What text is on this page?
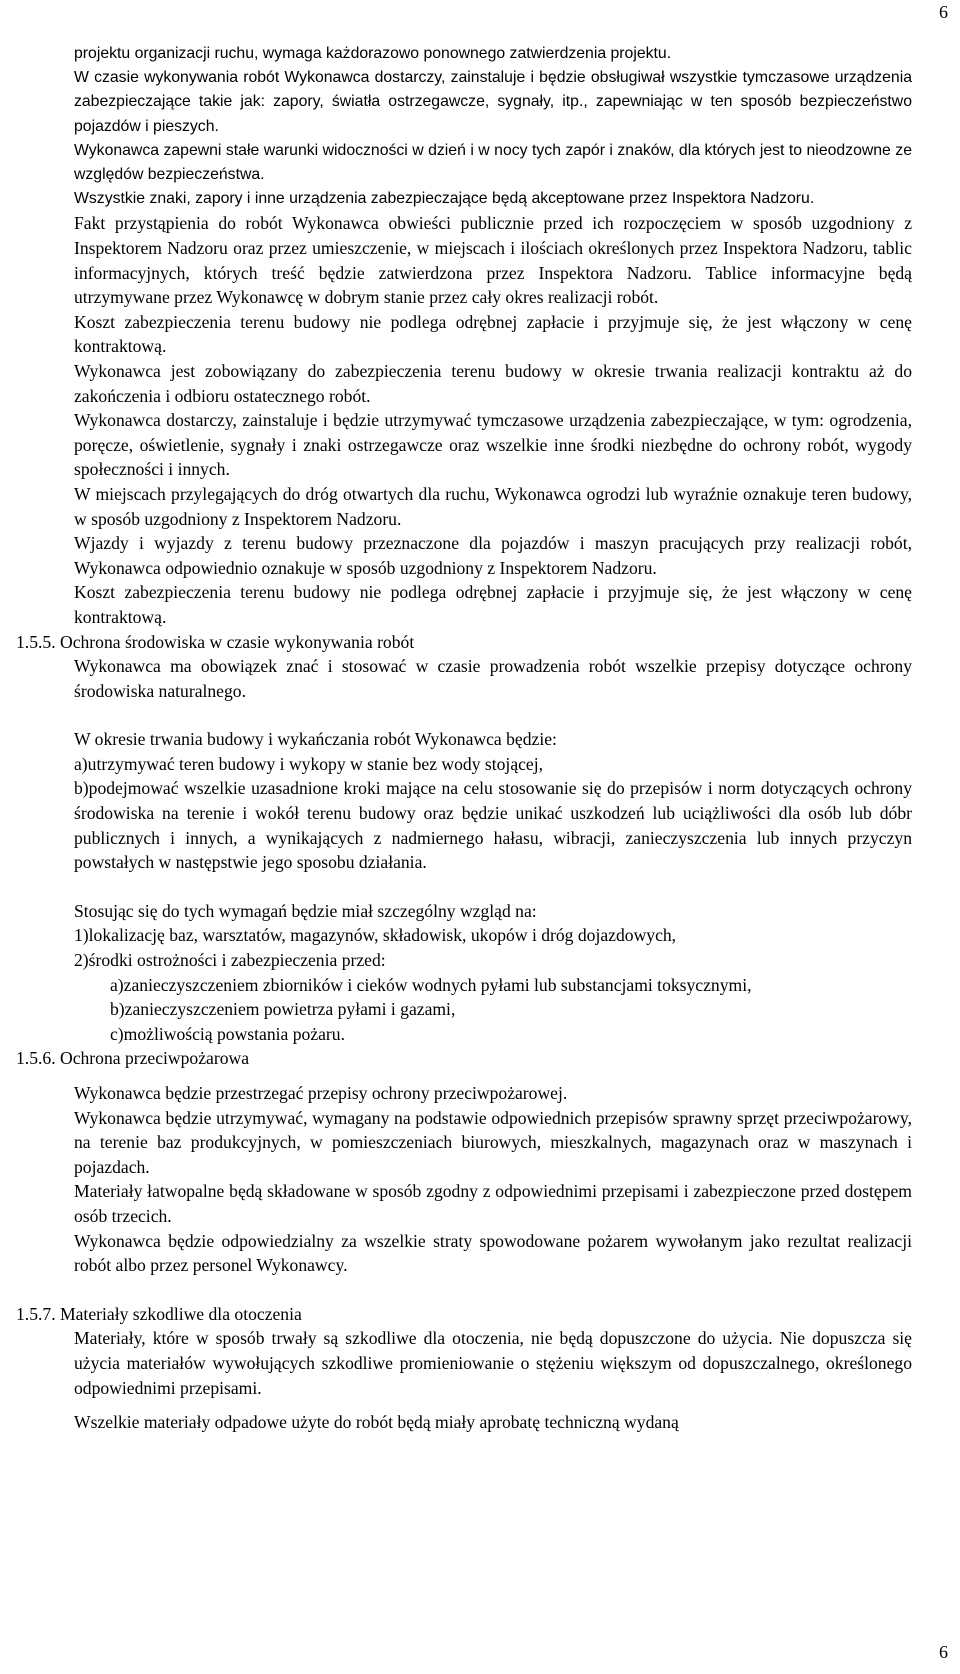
6

projektu organizacji ruchu, wymaga każdorazowo ponownego zatwierdzenia projektu.

W czasie wykonywania robót Wykonawca dostarczy, zainstaluje i będzie obsługiwał wszystkie tymczasowe urządzenia zabezpieczające takie jak: zapory, światła ostrzegawcze, sygnały, itp., zapewniając w ten sposób bezpieczeństwo pojazdów i pieszych.

Wykonawca zapewni stałe warunki widoczności w dzień i w nocy tych zapór i znaków, dla których jest to nieodzowne ze względów bezpieczeństwa.

Wszystkie znaki, zapory i inne urządzenia zabezpieczające będą akceptowane przez Inspektora Nadzoru.

Fakt przystąpienia do robót Wykonawca obwieści publicznie przed ich rozpoczęciem w sposób uzgodniony z Inspektorem Nadzoru oraz przez umieszczenie, w miejscach i ilościach określonych przez Inspektora Nadzoru, tablic informacyjnych, których treść będzie zatwierdzona przez Inspektora Nadzoru. Tablice informacyjne będą utrzymywane przez Wykonawcę w dobrym stanie przez cały okres realizacji robót.

Koszt zabezpieczenia terenu budowy nie podlega odrębnej zapłacie i przyjmuje się, że jest włączony w cenę kontraktową.

Wykonawca jest zobowiązany do zabezpieczenia terenu budowy w okresie trwania realizacji kontraktu aż do zakończenia i odbioru ostatecznego robót.

Wykonawca dostarczy, zainstaluje i będzie utrzymywać tymczasowe urządzenia zabezpieczające, w tym: ogrodzenia, poręcze, oświetlenie, sygnały i znaki ostrzegawcze oraz wszelkie inne środki niezbędne do ochrony robót, wygody społeczności i innych.

W miejscach przylegających do dróg otwartych dla ruchu, Wykonawca ogrodzi lub wyraźnie oznakuje teren budowy, w sposób uzgodniony z Inspektorem Nadzoru.

Wjazdy i wyjazdy z terenu budowy przeznaczone dla pojazdów i maszyn pracujących przy realizacji robót, Wykonawca odpowiednio oznakuje w sposób uzgodniony z Inspektorem Nadzoru.

Koszt zabezpieczenia terenu budowy nie podlega odrębnej zapłacie i przyjmuje się, że jest włączony w cenę kontraktową.

1.5.5. Ochrona środowiska w czasie wykonywania robót

Wykonawca ma obowiązek znać i stosować w czasie prowadzenia robót wszelkie przepisy dotyczące ochrony środowiska naturalnego.

W okresie trwania budowy i wykańczania robót Wykonawca będzie:

a)utrzymywać teren budowy i wykopy w stanie bez wody stojącej,

b)podejmować wszelkie uzasadnione kroki mające na celu stosowanie się do przepisów i norm dotyczących ochrony środowiska na terenie i wokół terenu budowy oraz będzie unikać uszkodzeń lub uciążliwości dla osób lub dóbr publicznych i innych, a wynikających z nadmiernego hałasu, wibracji, zanieczyszczenia lub innych przyczyn powstałych w następstwie jego sposobu działania.

Stosując się do tych wymagań będzie miał szczególny wzgląd na:

1)lokalizację baz, warsztatów, magazynów, składowisk, ukopów i dróg dojazdowych,

2)środki ostrożności i zabezpieczenia przed:

a)zanieczyszczeniem zbiorników i cieków wodnych pyłami lub substancjami toksycznymi,

b)zanieczyszczeniem powietrza pyłami i gazami,

c)możliwością powstania pożaru.

1.5.6. Ochrona przeciwpożarowa

Wykonawca będzie przestrzegać przepisy ochrony przeciwpożarowej.

Wykonawca będzie utrzymywać, wymagany na podstawie odpowiednich przepisów sprawny sprzęt przeciwpożarowy, na terenie baz produkcyjnych, w pomieszczeniach biurowych, mieszkalnych, magazynach oraz w maszynach i pojazdach.

Materiały łatwopalne będą składowane w sposób zgodny z odpowiednimi przepisami i zabezpieczone przed dostępem osób trzecich.

Wykonawca będzie odpowiedzialny za wszelkie straty spowodowane pożarem wywołanym jako rezultat realizacji robót albo przez personel Wykonawcy.

1.5.7. Materiały szkodliwe dla otoczenia

Materiały, które w sposób trwały są szkodliwe dla otoczenia, nie będą dopuszczone do użycia. Nie dopuszcza się użycia materiałów wywołujących szkodliwe promieniowanie o stężeniu większym od dopuszczalnego, określonego odpowiednimi przepisami.

Wszelkie materiały odpadowe użyte do robót będą miały aprobatę techniczną wydaną

6
